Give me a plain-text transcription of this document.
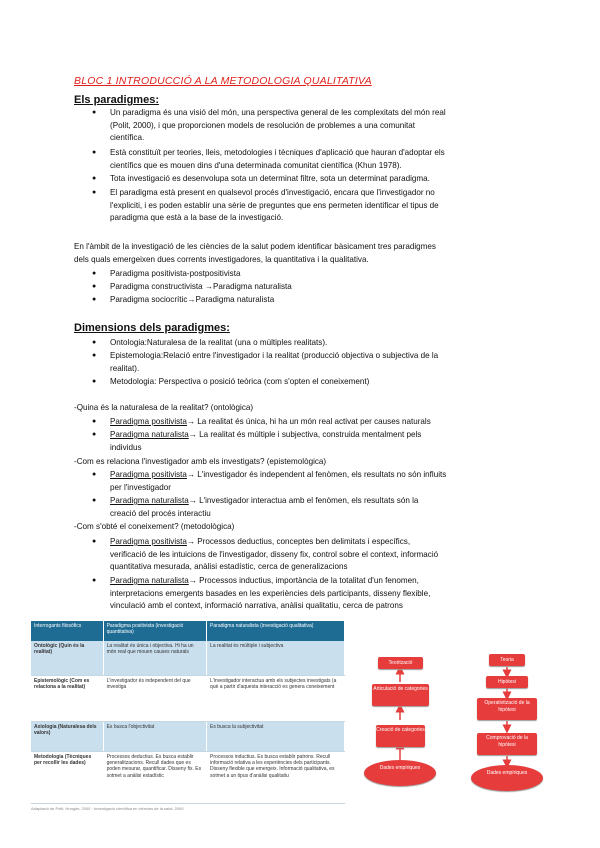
BLOC 1 INTRODUCCIÓ A LA METODOLOGIA QUALITATIVA
Els paradigmes:
● Un paradigma és una visió del món, una perspectiva general de les complexitats del món real
(Polit, 2000), i que proporcionen models de resolución de problemes a una comunitat
científica.
● Està constituït per teories, lleis, metodologies i tècniques d'aplicació que hauran d'adoptar els
científics que es mouen dins d'una determinada comunitat científica (Khun 1978).
● Tota investigació es desenvolupa sota un determinat filtre, sota un determinat paradigma.
● El paradigma està present en qualsevol procés d'investigació, encara que l'investigador no
l'expliciti, i es poden establir una sèrie de preguntes que ens permeten identificar el tipus de
paradigma que està a la base de la investigació.
En l'àmbit de la investigació de les ciències de la salut podem identificar bàsicament tres paradigmes
dels quals emergeixen dues corrents investigadores, la quantitativa i la qualitativa.
● Paradigma positivista-postpositivista
● Paradigma constructivista →Paradigma naturalista
● Paradigma sociocrític→Paradigma naturalista
Dimensions dels paradigmes:
● Ontologia:Naturalesa de la realitat (una o múltiples realitats).
● Epistemologia:Relació entre l'investigador i la realitat (producció objectiva o subjectiva de la
realitat).
● Metodologia: Perspectiva o posició teòrica (com s'opten el coneixement)
-Quina és la naturalesa de la realitat? (ontològica)
● Paradigma positivista→ La realitat és única, hi ha un món real activat per causes naturals
● Paradigma naturalista→ La realitat és múltiple i subjectiva, construida mentalment pels
individus
-Com es relaciona l'investigador amb els investigats? (epistemològica)
● Paradigma positivista→ L'investigador és independent al fenòmen, els resultats no són influits
per l'investigador
● Paradigma naturalista→ L'investigador interactua amb el fenòmen, els resultats són la
creació del procés interactiu
-Com s'obté el coneixement? (metodològica)
● Paradigma positivista→ Processos deductius, conceptes ben delimitats i específics,
verificació de les intuicions de l'investigador, disseny fix, control sobre el context, informació
quantitativa mesurada, anàlisi estadístic, cerca de generalizacions
● Paradigma naturalista→ Processos inductius, importància de la totalitat d'un fenomen,
interpretacions emergents basades en les experiències dels participants, disseny flexible,
vinculació amb el context, informació narrativa, anàlisi qualitatiu, cerca de patrons
Interrogants filosòfics	Paradigma positivista (investigació quantitativa)	Paradigma naturalista (investigació qualitativa)
Ontològic (Quin és la realitat)	La realitat és única i objectiva. Hi ha un món real que mouen causes naturals	La realitat és múltiple i subjectiva
Epistemològic (Com es relaciona a la realitat)	L'investigador és independent del que investiga	L'investigador interactua amb els subjectes investigats (a què a partir d'aquesta interacció es genera coneixement
Axiologia (Naturalesa dels valors)	Es busca l'objectivitat	Es busca la subjectivitat
Metodologia (Tècniques per recollir les dades)	Processos deductius. Es busca establir generalitzacions. Recull dades que es poden mesurar, quantificar. Disseny fix. Es sotmet a anàlisi estadístic	Processos inductius. Es busca establir patrons. Recull informació relativa a les experiències dels participants. Disseny flexible que emergeix. Informació qualitativa, es sotmet a un tipus d'anàlisi qualitatiu
Adaptació de Polit, Hungler, 2000 · Investigació científica en ciències de la salut, 2000
Teorització
Articulació de categories
Creació de categories
Dades empíriques
Teoria
Hipòtesi
Operativització de la hipòtesi
Comprovació de la hipòtesi
Dades empíriques
